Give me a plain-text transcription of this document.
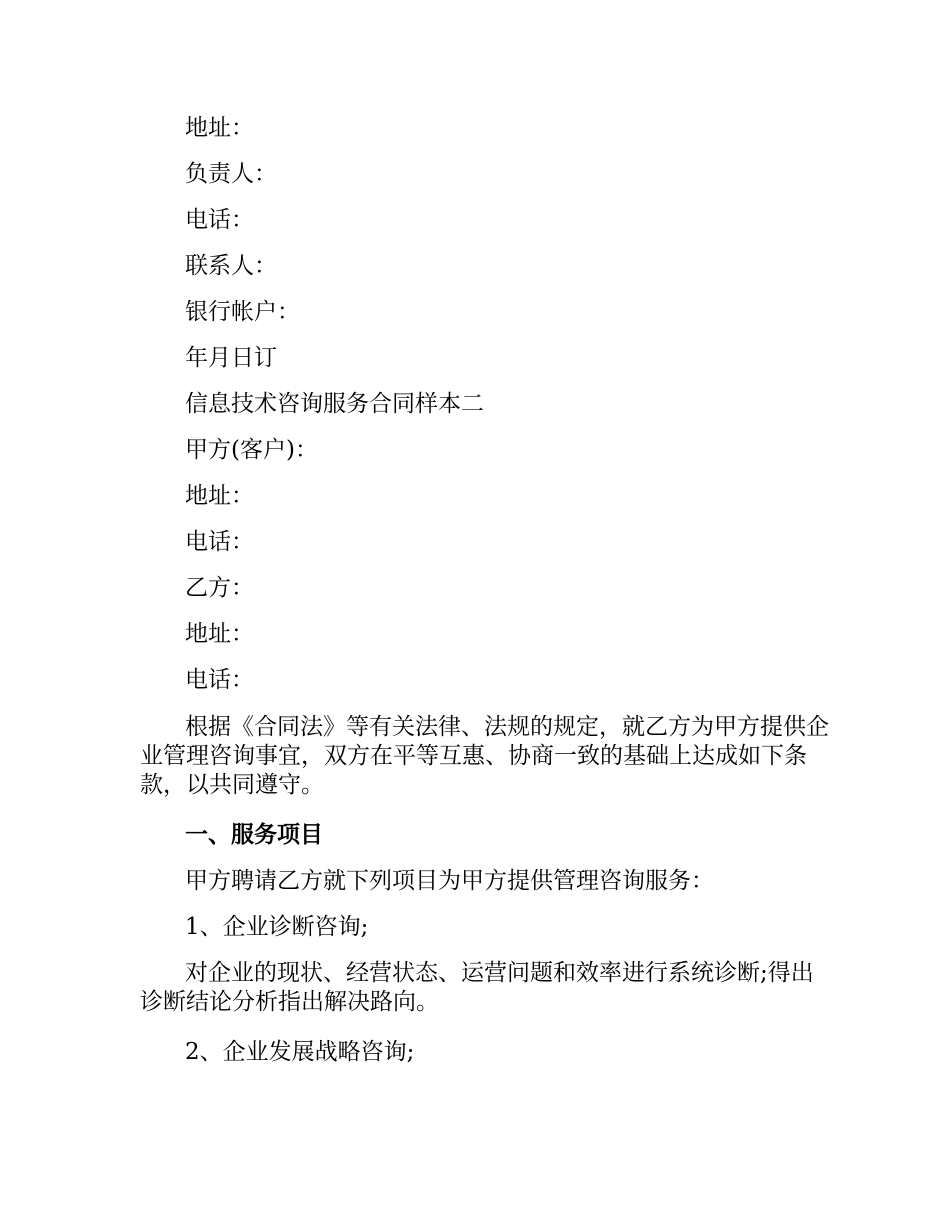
地址：

负责人：

电话：

联系人：

银行帐户：

年月日订

信息技术咨询服务合同样本二

甲方(客户)：

地址：

电话：

乙方：

地址：

电话：

根据《合同法》等有关法律、法规的规定，就乙方为甲方提供企业管理咨询事宜，双方在平等互惠、协商一致的基础上达成如下条款，以共同遵守。

一、服务项目

甲方聘请乙方就下列项目为甲方提供管理咨询服务：

1、企业诊断咨询;

对企业的现状、经营状态、运营问题和效率进行系统诊断;得出诊断结论分析指出解决路向。

2、企业发展战略咨询;
